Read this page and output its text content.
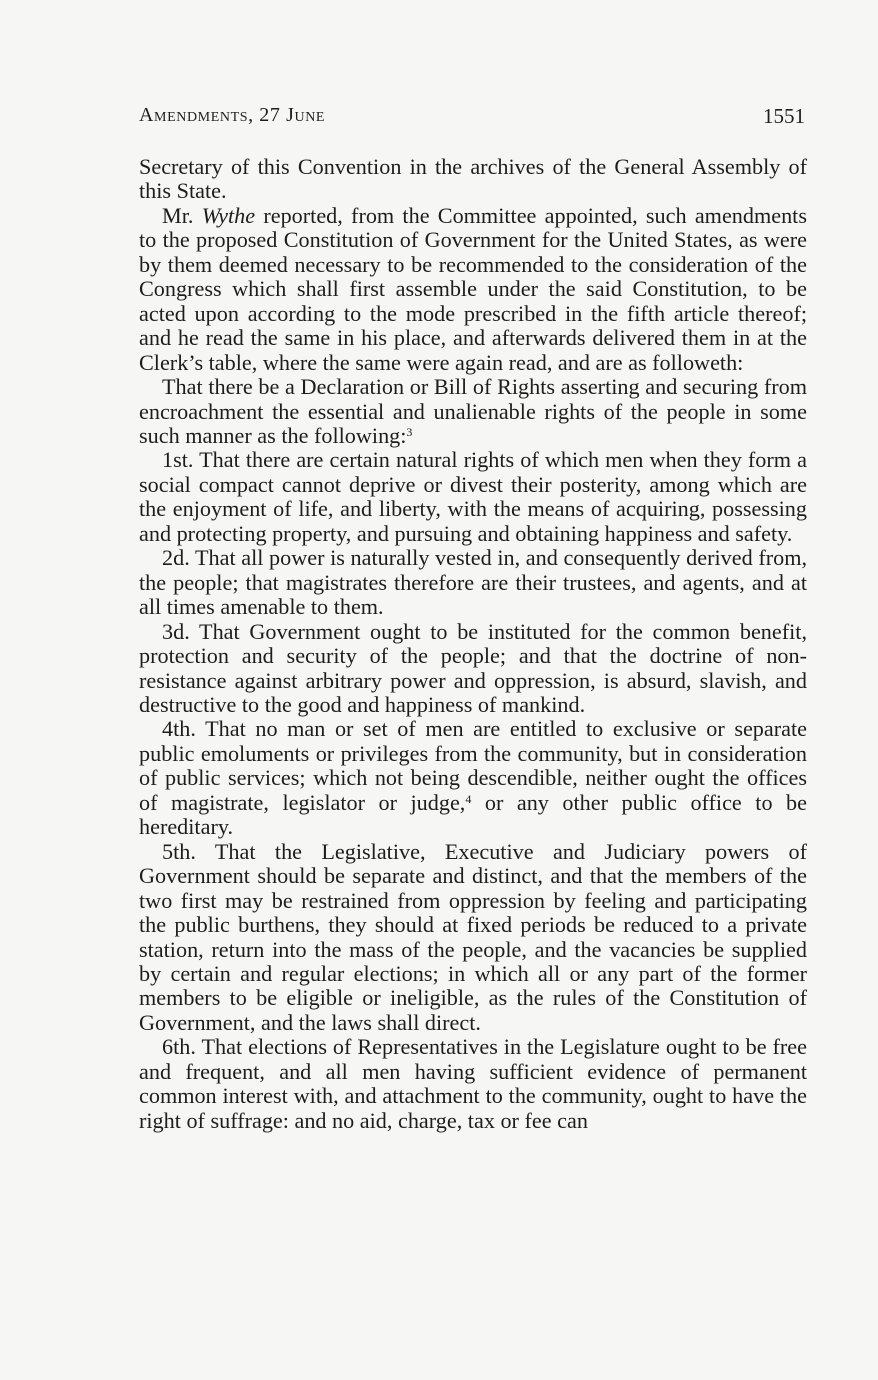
Amendments, 27 June	1551

Secretary of this Convention in the archives of the General Assembly of this State.

Mr. Wythe reported, from the Committee appointed, such amendments to the proposed Constitution of Government for the United States, as were by them deemed necessary to be recommended to the consideration of the Congress which shall first assemble under the said Constitution, to be acted upon according to the mode prescribed in the fifth article thereof; and he read the same in his place, and afterwards delivered them in at the Clerk’s table, where the same were again read, and are as followeth:

That there be a Declaration or Bill of Rights asserting and securing from encroachment the essential and unalienable rights of the people in some such manner as the following:$^3$

1st. That there are certain natural rights of which men when they form a social compact cannot deprive or divest their posterity, among which are the enjoyment of life, and liberty, with the means of acquiring, possessing and protecting property, and pursuing and obtaining happiness and safety.

2d. That all power is naturally vested in, and consequently derived from, the people; that magistrates therefore are their trustees, and agents, and at all times amenable to them.

3d. That Government ought to be instituted for the common benefit, protection and security of the people; and that the doctrine of non-resistance against arbitrary power and oppression, is absurd, slavish, and destructive to the good and happiness of mankind.

4th. That no man or set of men are entitled to exclusive or separate public emoluments or privileges from the community, but in consideration of public services; which not being descendible, neither ought the offices of magistrate, legislator or judge,$^4$ or any other public office to be hereditary.

5th. That the Legislative, Executive and Judiciary powers of Government should be separate and distinct, and that the members of the two first may be restrained from oppression by feeling and participating the public burthens, they should at fixed periods be reduced to a private station, return into the mass of the people, and the vacancies be supplied by certain and regular elections; in which all or any part of the former members to be eligible or ineligible, as the rules of the Constitution of Government, and the laws shall direct.

6th. That elections of Representatives in the Legislature ought to be free and frequent, and all men having sufficient evidence of permanent common interest with, and attachment to the community, ought to have the right of suffrage: and no aid, charge, tax or fee can
